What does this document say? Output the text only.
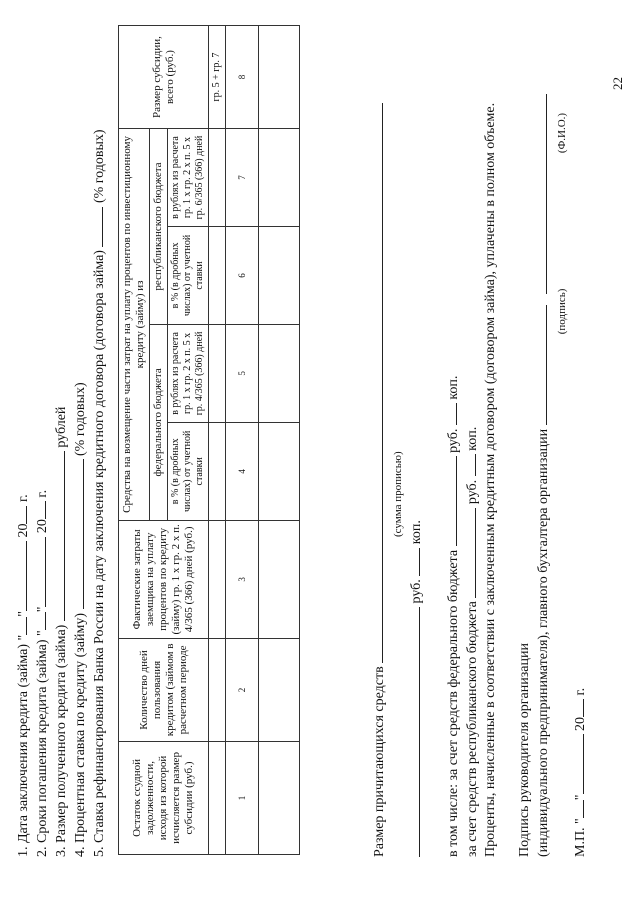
1. Дата заключения кредита (займа) "" 20 г.
2. Сроки погашения кредита (займа) "" 20 г.
3. Размер полученного кредита (займа)  рублей
4. Процентная ставка по кредиту (займу)  (% годовых) 5. Ставка рефинансирования Банка России на дату заключения кредитного договора (договора займа)  (% годовых)
Остаток ссудной задолженности, исходя из которой исчисляется размер субсидии (руб.)	Количество дней пользования кредитом (займом в расчетном периоде	Фактические затраты заемщика на уплату процентов по кредиту (займу) гр. 1 х гр. 2 х п. 4/365 (366) дней (руб.)	Средства на возмещение части затрат на уплату процентов по инвестиционному кредиту (займу) из				Размер субсидии, всего (руб.)
			федерального бюджета		республиканского бюджета		
			в % (в дробных числах) от учетной ставки	в рублях из расчета гр. 1 х гр. 2 х п. 5 х гр. 4/365 (366) дней	в % (в дробных числах) от учетной ставки	в рублях из расчета гр. 1 х гр. 2 х п. 5 х гр. 6/365 (366) дней	
							гр. 5 + гр. 7
1	2	3	4	5	6	7	8

Размер причитающихся средств
(сумма прописью)
руб.  коп.
в том числе: за счет средств федерального бюджета  руб.  коп.
за счет средств республиканского бюджета  руб.  коп. Проценты, начисленные в соответствии с заключенным кредитным договором (договором займа), уплачены в полном объеме. Подпись руководителя организации (индивидуального предпринимателя), главного бухгалтера организации
(подпись)  (Ф.И.О.)
М.П. "" 20 г.
22
